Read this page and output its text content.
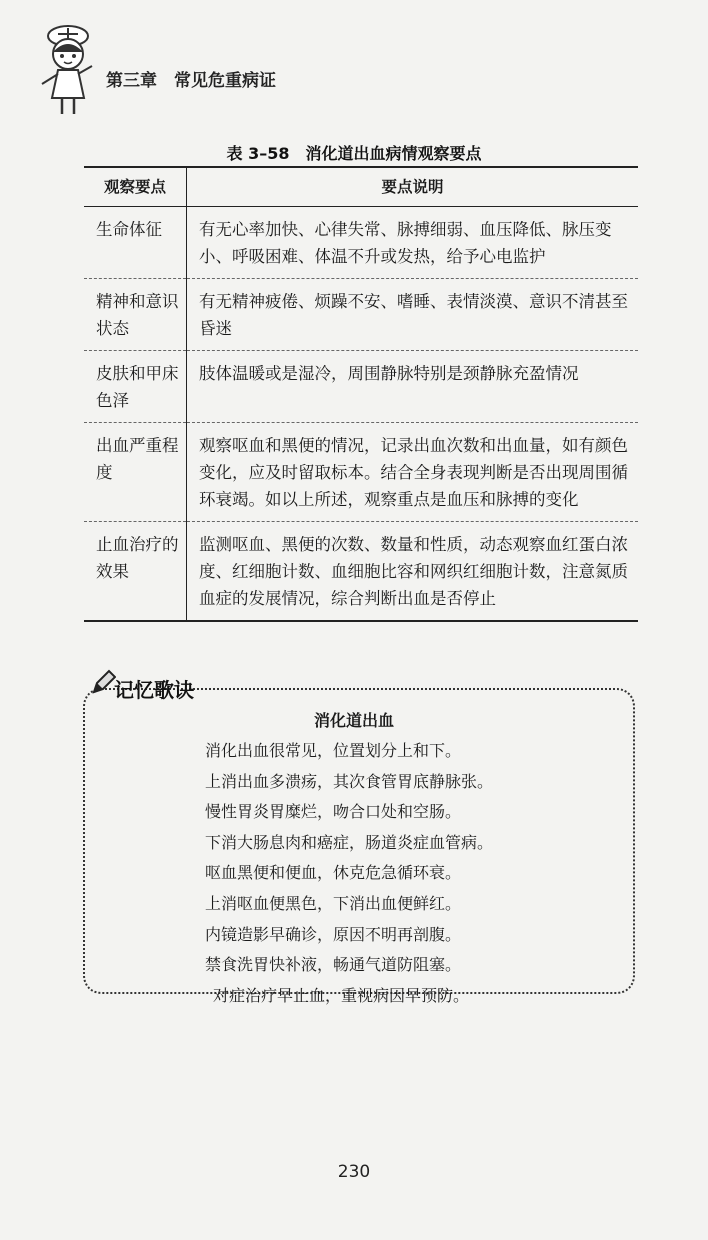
第三章　常见危重病证
表 3–58　消化道出血病情观察要点
观察要点	要点说明
生命体征	有无心率加快、心律失常、脉搏细弱、血压降低、脉压变小、呼吸困难、体温不升或发热，给予心电监护
精神和意识状态	有无精神疲倦、烦躁不安、嗜睡、表情淡漠、意识不清甚至昏迷
皮肤和甲床色泽	肢体温暖或是湿冷，周围静脉特别是颈静脉充盈情况
出血严重程度	观察呕血和黑便的情况，记录出血次数和出血量，如有颜色变化，应及时留取标本。结合全身表现判断是否出现周围循环衰竭。如以上所述，观察重点是血压和脉搏的变化
止血治疗的效果	监测呕血、黑便的次数、数量和性质，动态观察血红蛋白浓度、红细胞计数、血细胞比容和网织红细胞计数，注意氮质血症的发展情况，综合判断出血是否停止
记忆歌诀
消化道出血
消化出血很常见，位置划分上和下。
上消出血多溃疡，其次食管胃底静脉张。
慢性胃炎胃糜烂，吻合口处和空肠。
下消大肠息肉和癌症，肠道炎症血管病。
呕血黑便和便血，休克危急循环衰。
上消呕血便黑色，下消出血便鲜红。
内镜造影早确诊，原因不明再剖腹。
禁食洗胃快补液，畅通气道防阻塞。
对症治疗早止血，重视病因早预防。
230
